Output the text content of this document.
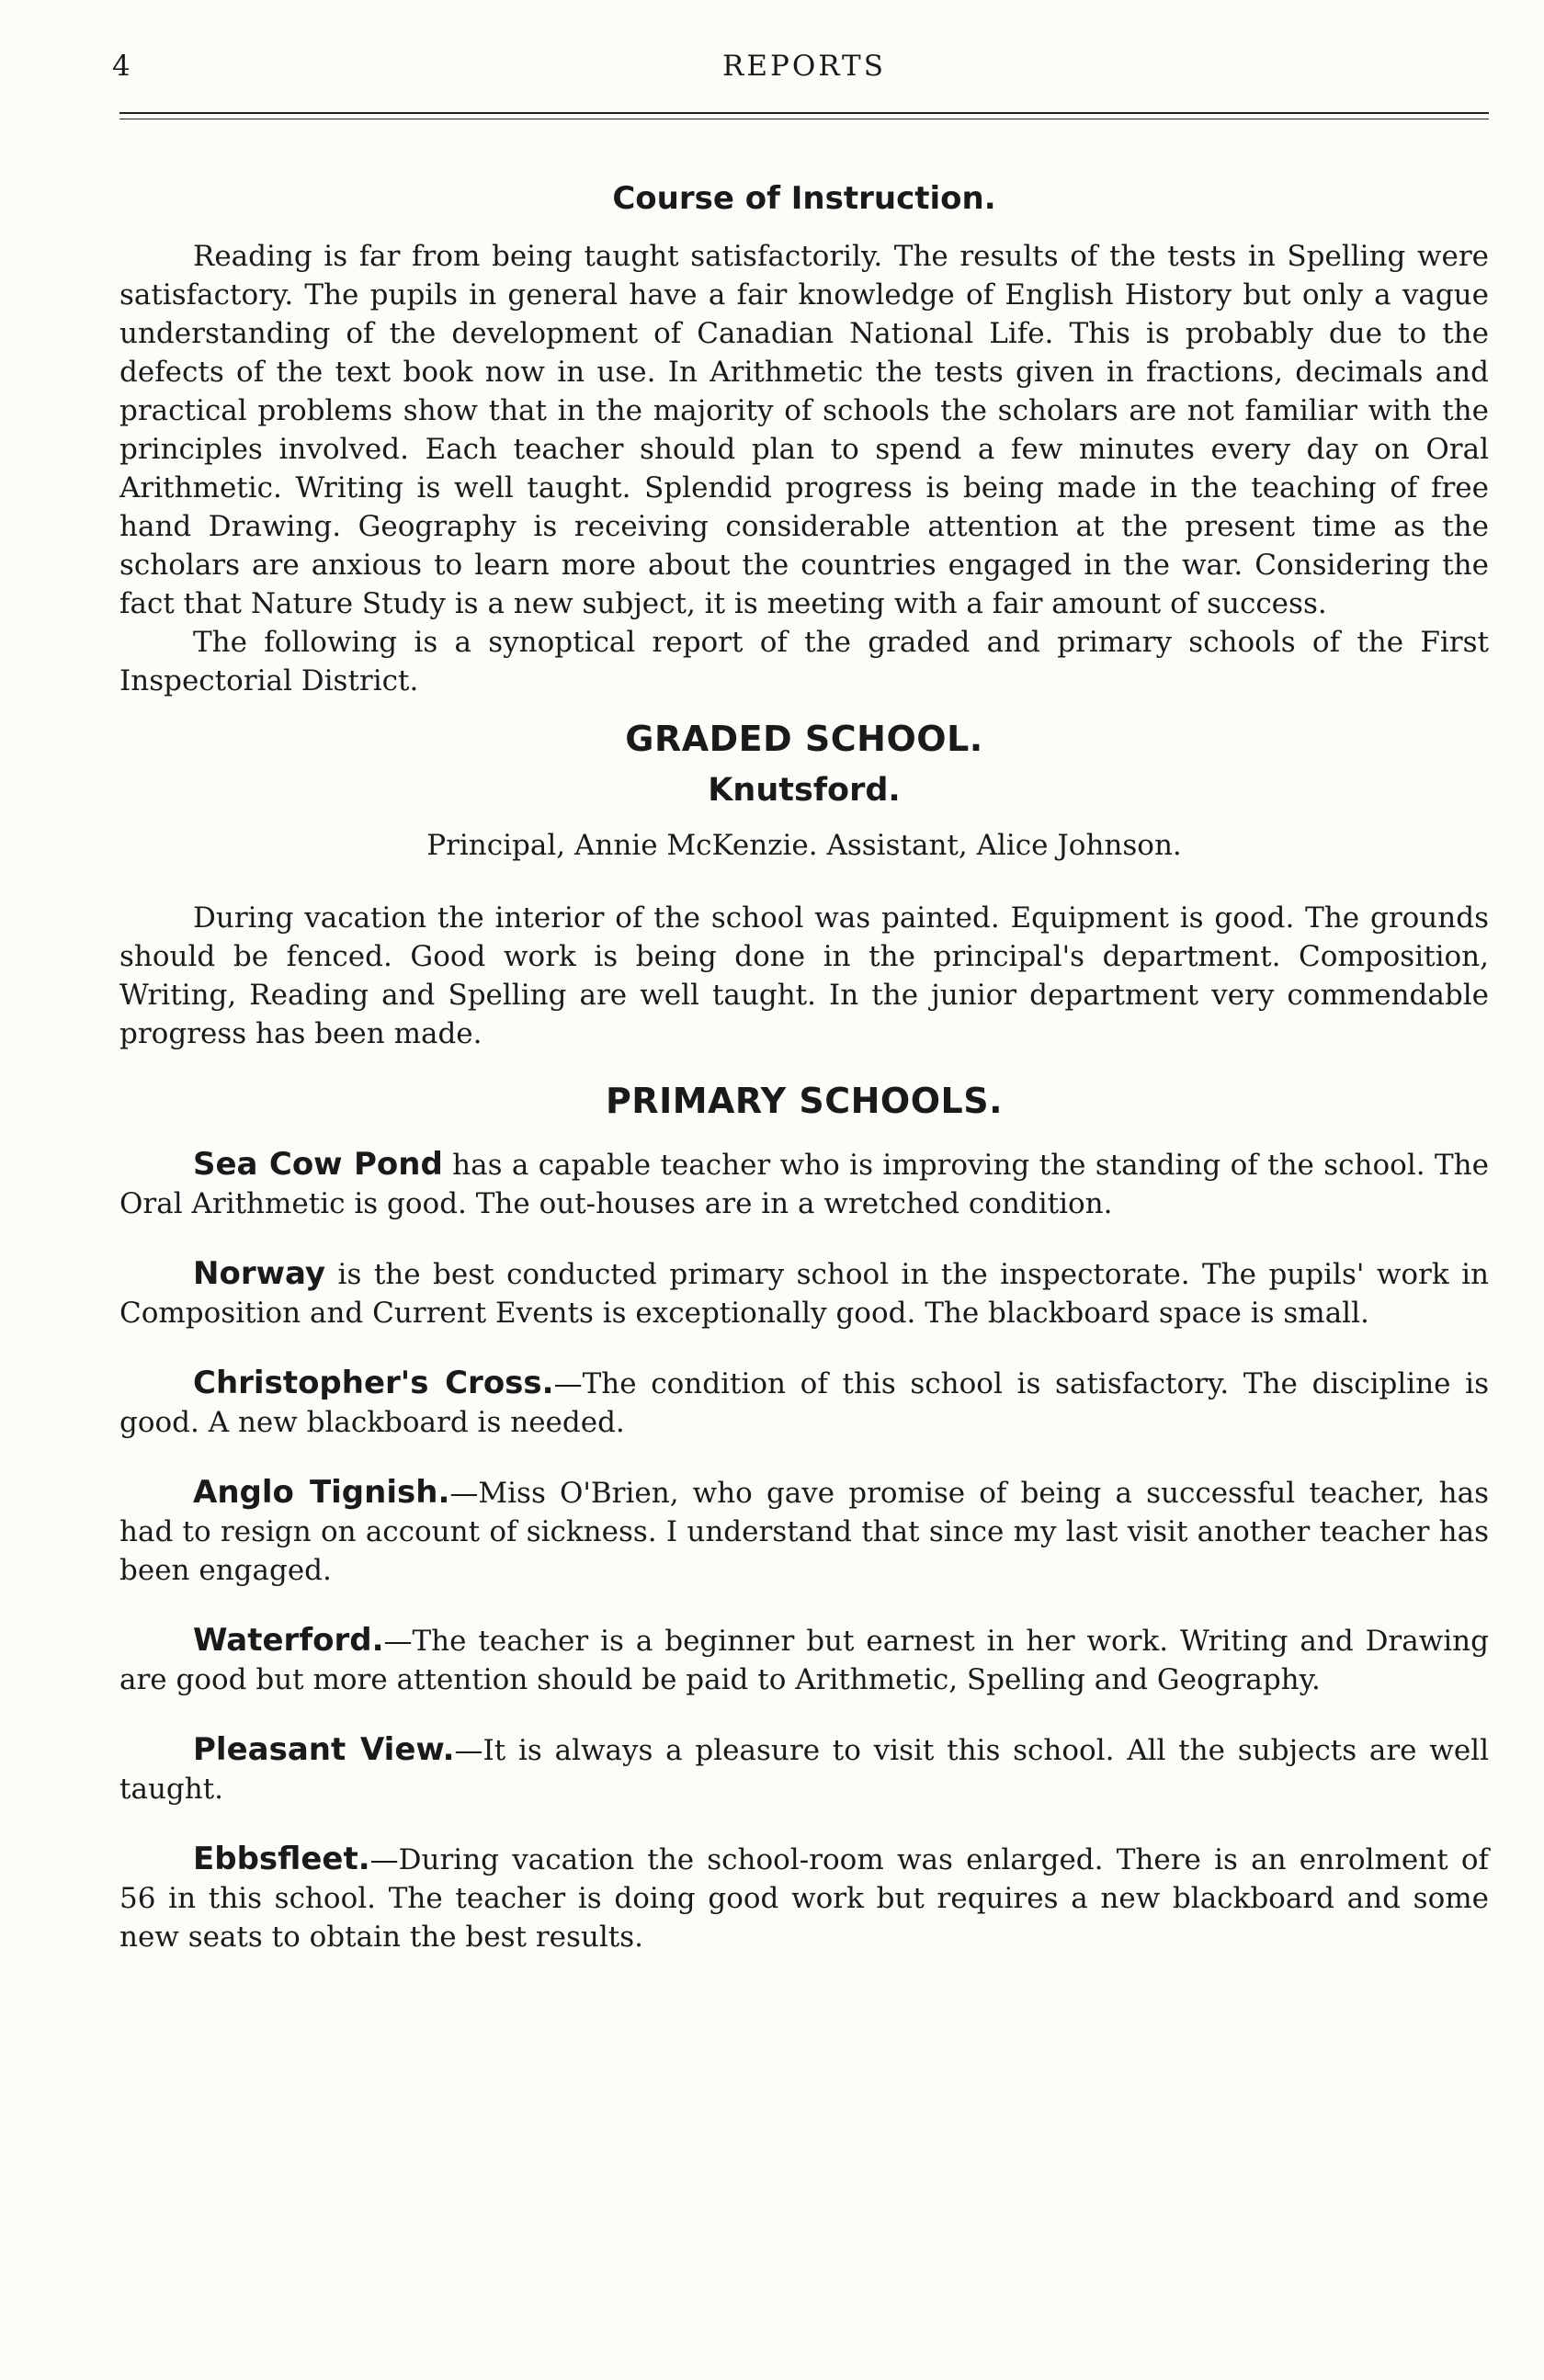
4	REPORTS
Course of Instruction.

Reading is far from being taught satisfactorily. The results of the tests in Spelling were satisfactory. The pupils in general have a fair knowledge of English History but only a vague understanding of the development of Canadian National Life. This is probably due to the defects of the text book now in use. In Arithmetic the tests given in fractions, decimals and practical problems show that in the majority of schools the scholars are not familiar with the principles involved. Each teacher should plan to spend a few minutes every day on Oral Arithmetic. Writing is well taught. Splendid progress is being made in the teaching of free hand Drawing. Geography is receiving considerable attention at the present time as the scholars are anxious to learn more about the countries engaged in the war. Considering the fact that Nature Study is a new subject, it is meeting with a fair amount of success.

The following is a synoptical report of the graded and primary schools of the First Inspectorial District.

GRADED SCHOOL.
Knutsford.
Principal, Annie McKenzie. Assistant, Alice Johnson.

During vacation the interior of the school was painted. Equipment is good. The grounds should be fenced. Good work is being done in the principal's department. Composition, Writing, Reading and Spelling are well taught. In the junior department very commendable progress has been made.

PRIMARY SCHOOLS.

Sea Cow Pond has a capable teacher who is improving the standing of the school. The Oral Arithmetic is good. The out-houses are in a wretched condition.

Norway is the best conducted primary school in the inspectorate. The pupils' work in Composition and Current Events is exceptionally good. The blackboard space is small.

Christopher's Cross.—The condition of this school is satisfactory. The discipline is good. A new blackboard is needed.

Anglo Tignish.—Miss O'Brien, who gave promise of being a successful teacher, has had to resign on account of sickness. I understand that since my last visit another teacher has been engaged.

Waterford.—The teacher is a beginner but earnest in her work. Writing and Drawing are good but more attention should be paid to Arithmetic, Spelling and Geography.

Pleasant View.—It is always a pleasure to visit this school. All the subjects are well taught.

Ebbsfleet.—During vacation the school-room was enlarged. There is an enrolment of 56 in this school. The teacher is doing good work but requires a new blackboard and some new seats to obtain the best results.
